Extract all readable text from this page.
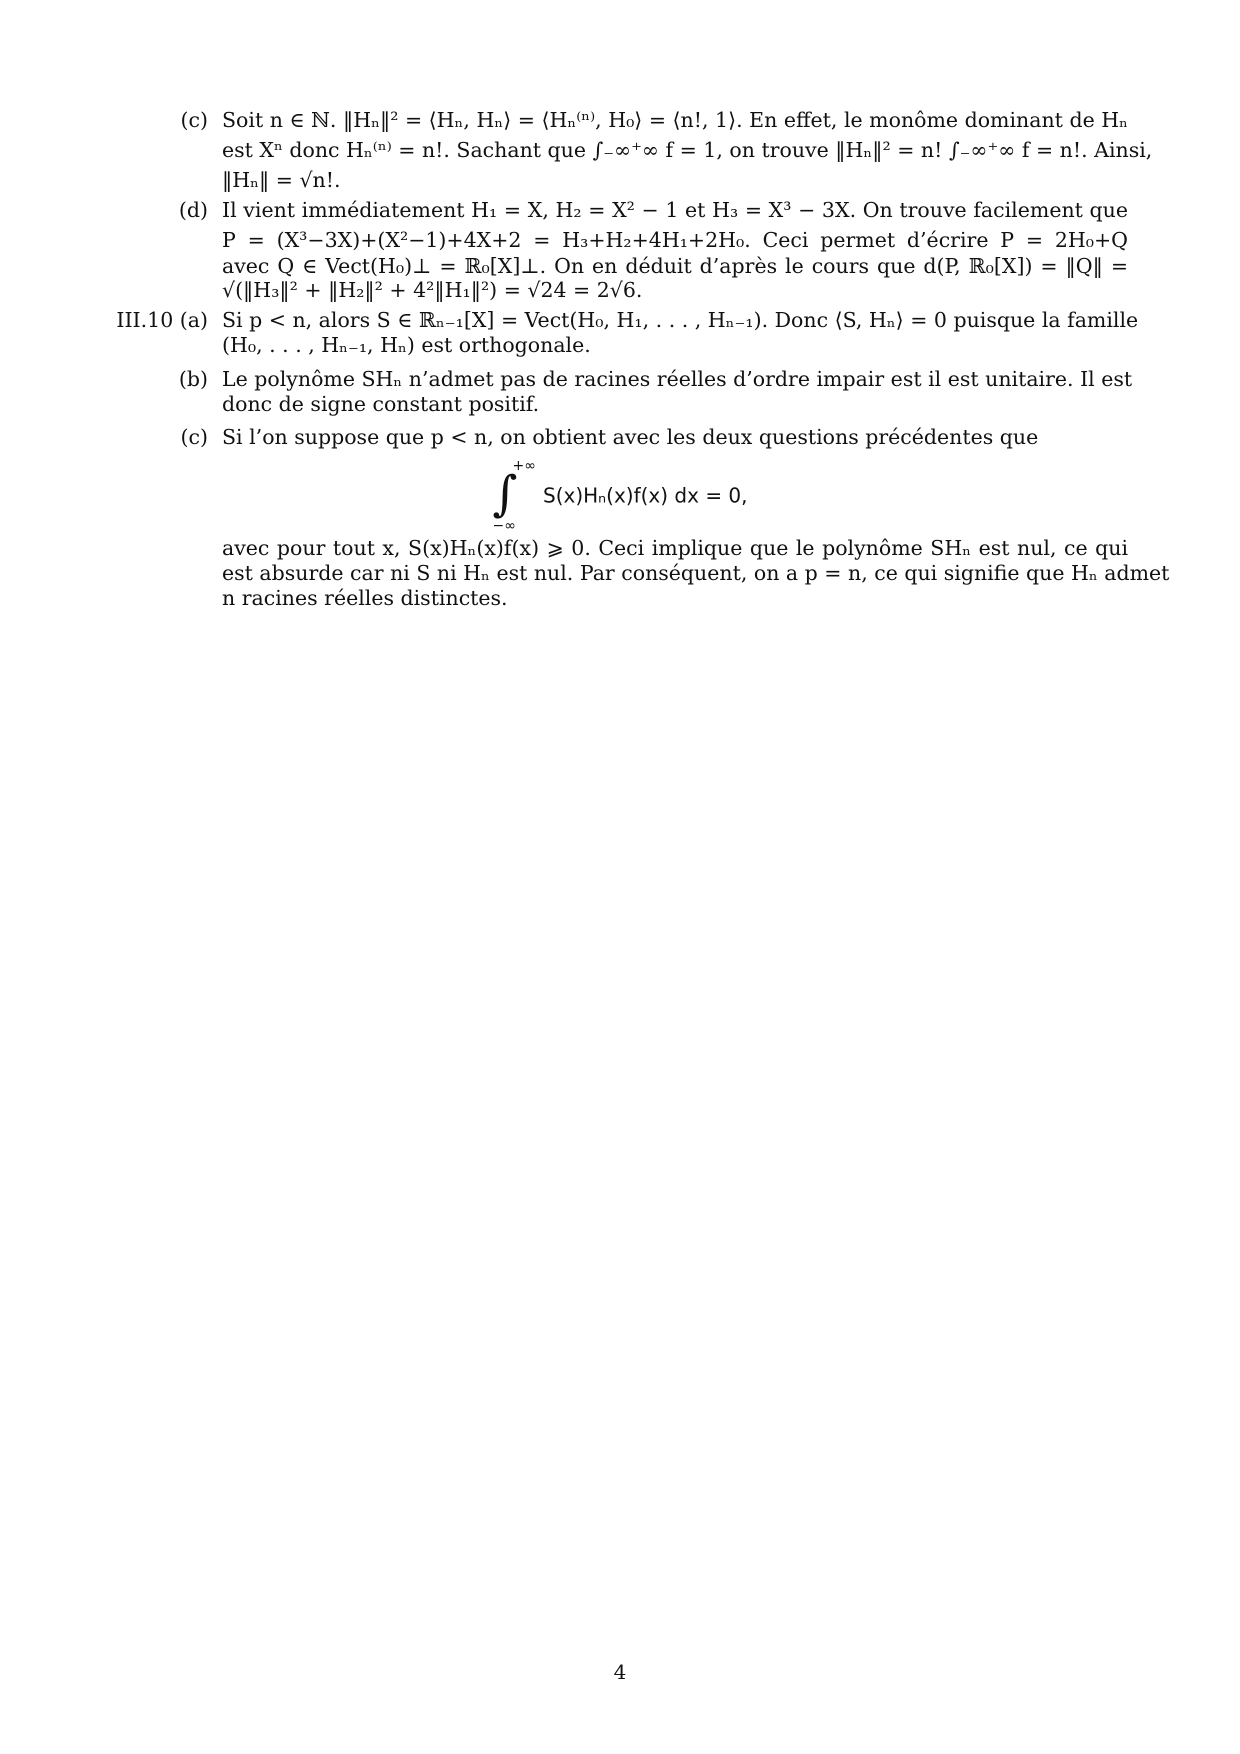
(c) Soit n ∈ ℕ. ‖Hₙ‖² = ⟨Hₙ, Hₙ⟩ = ⟨Hₙ⁽ⁿ⁾, H₀⟩ = ⟨n!, 1⟩. En effet, le monôme dominant de Hₙ
est Xⁿ donc Hₙ⁽ⁿ⁾ = n!. Sachant que ∫₋∞⁺∞ f = 1, on trouve ‖Hₙ‖² = n! ∫₋∞⁺∞ f = n!. Ainsi,
‖Hₙ‖ = √n!.
(d) Il vient immédiatement H₁ = X, H₂ = X² − 1 et H₃ = X³ − 3X. On trouve facilement que
P = (X³−3X)+(X²−1)+4X+2 = H₃+H₂+4H₁+2H₀. Ceci permet d’écrire P = 2H₀+Q
avec Q ∈ Vect(H₀)⊥ = ℝ₀[X]⊥. On en déduit d’après le cours que d(P, ℝ₀[X]) = ‖Q‖ =
√(‖H₃‖² + ‖H₂‖² + 4²‖H₁‖²) = √24 = 2√6.
III.10 (a) Si p < n, alors S ∈ ℝₙ₋₁[X] = Vect(H₀, H₁, . . . , Hₙ₋₁). Donc ⟨S, Hₙ⟩ = 0 puisque la famille
(H₀, . . . , Hₙ₋₁, Hₙ) est orthogonale.
(b) Le polynôme SHₙ n’admet pas de racines réelles d’ordre impair est il est unitaire. Il est
donc de signe constant positif.
(c) Si l’on suppose que p < n, on obtient avec les deux questions précédentes que
∫
+∞
−∞
S(x)Hₙ(x)f(x) dx = 0,
avec pour tout x, S(x)Hₙ(x)f(x) ⩾ 0. Ceci implique que le polynôme SHₙ est nul, ce qui
est absurde car ni S ni Hₙ est nul. Par conséquent, on a p = n, ce qui signifie que Hₙ admet
n racines réelles distinctes.
4
